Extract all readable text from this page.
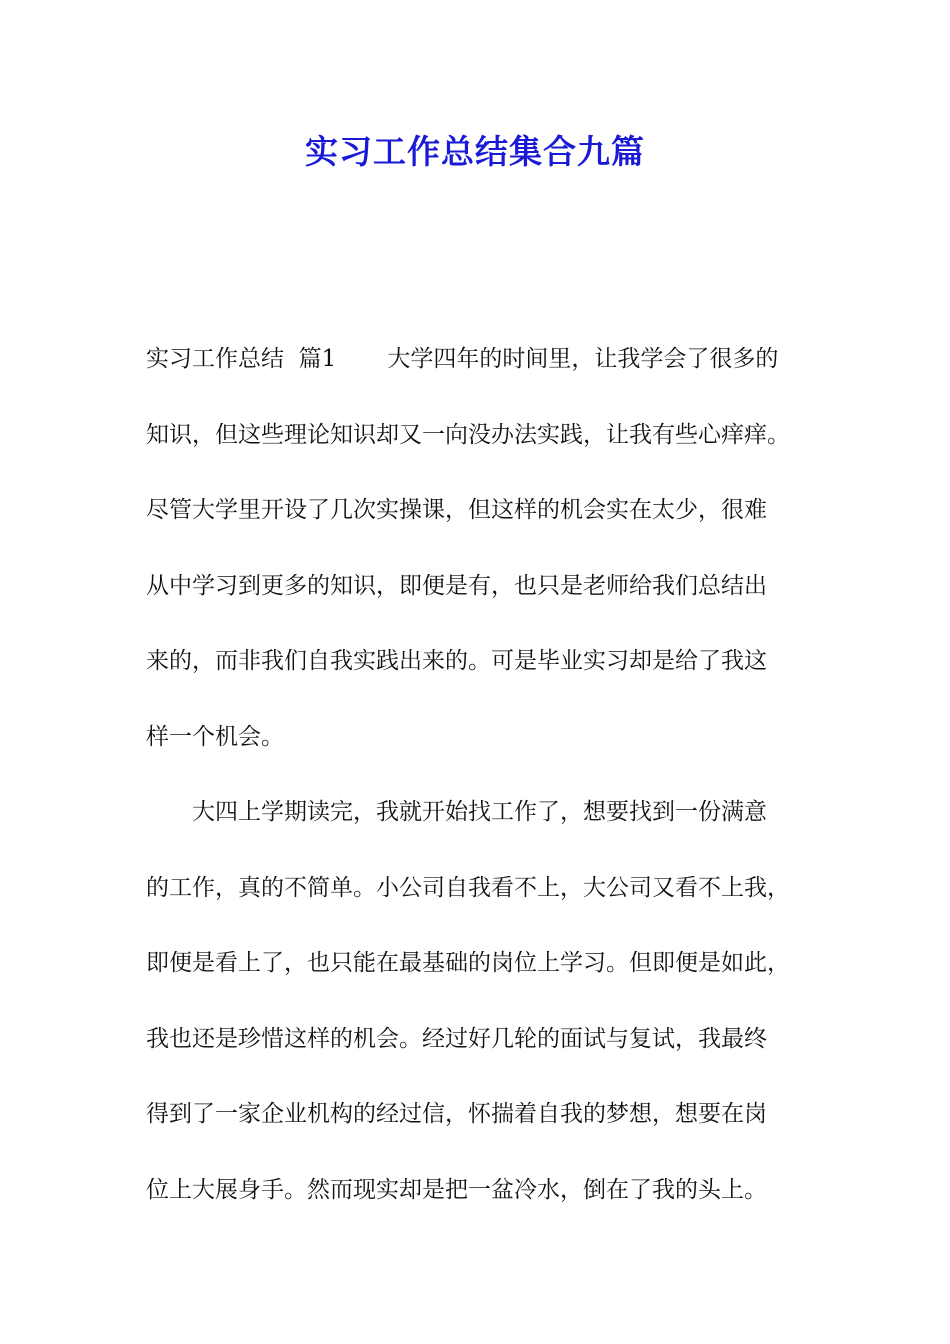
实习工作总结集合九篇
实习工作总结  篇1       大学四年的时间里，让我学会了很多的
知识，但这些理论知识却又一向没办法实践，让我有些心痒痒。
尽管大学里开设了几次实操课，但这样的机会实在太少，很难
从中学习到更多的知识，即便是有，也只是老师给我们总结出
来的，而非我们自我实践出来的。可是毕业实习却是给了我这
样一个机会。
大四上学期读完，我就开始找工作了，想要找到一份满意
的工作，真的不简单。小公司自我看不上，大公司又看不上我，
即便是看上了，也只能在最基础的岗位上学习。但即便是如此，
我也还是珍惜这样的机会。经过好几轮的面试与复试，我最终
得到了一家企业机构的经过信，怀揣着自我的梦想，想要在岗
位上大展身手。然而现实却是把一盆冷水，倒在了我的头上。
